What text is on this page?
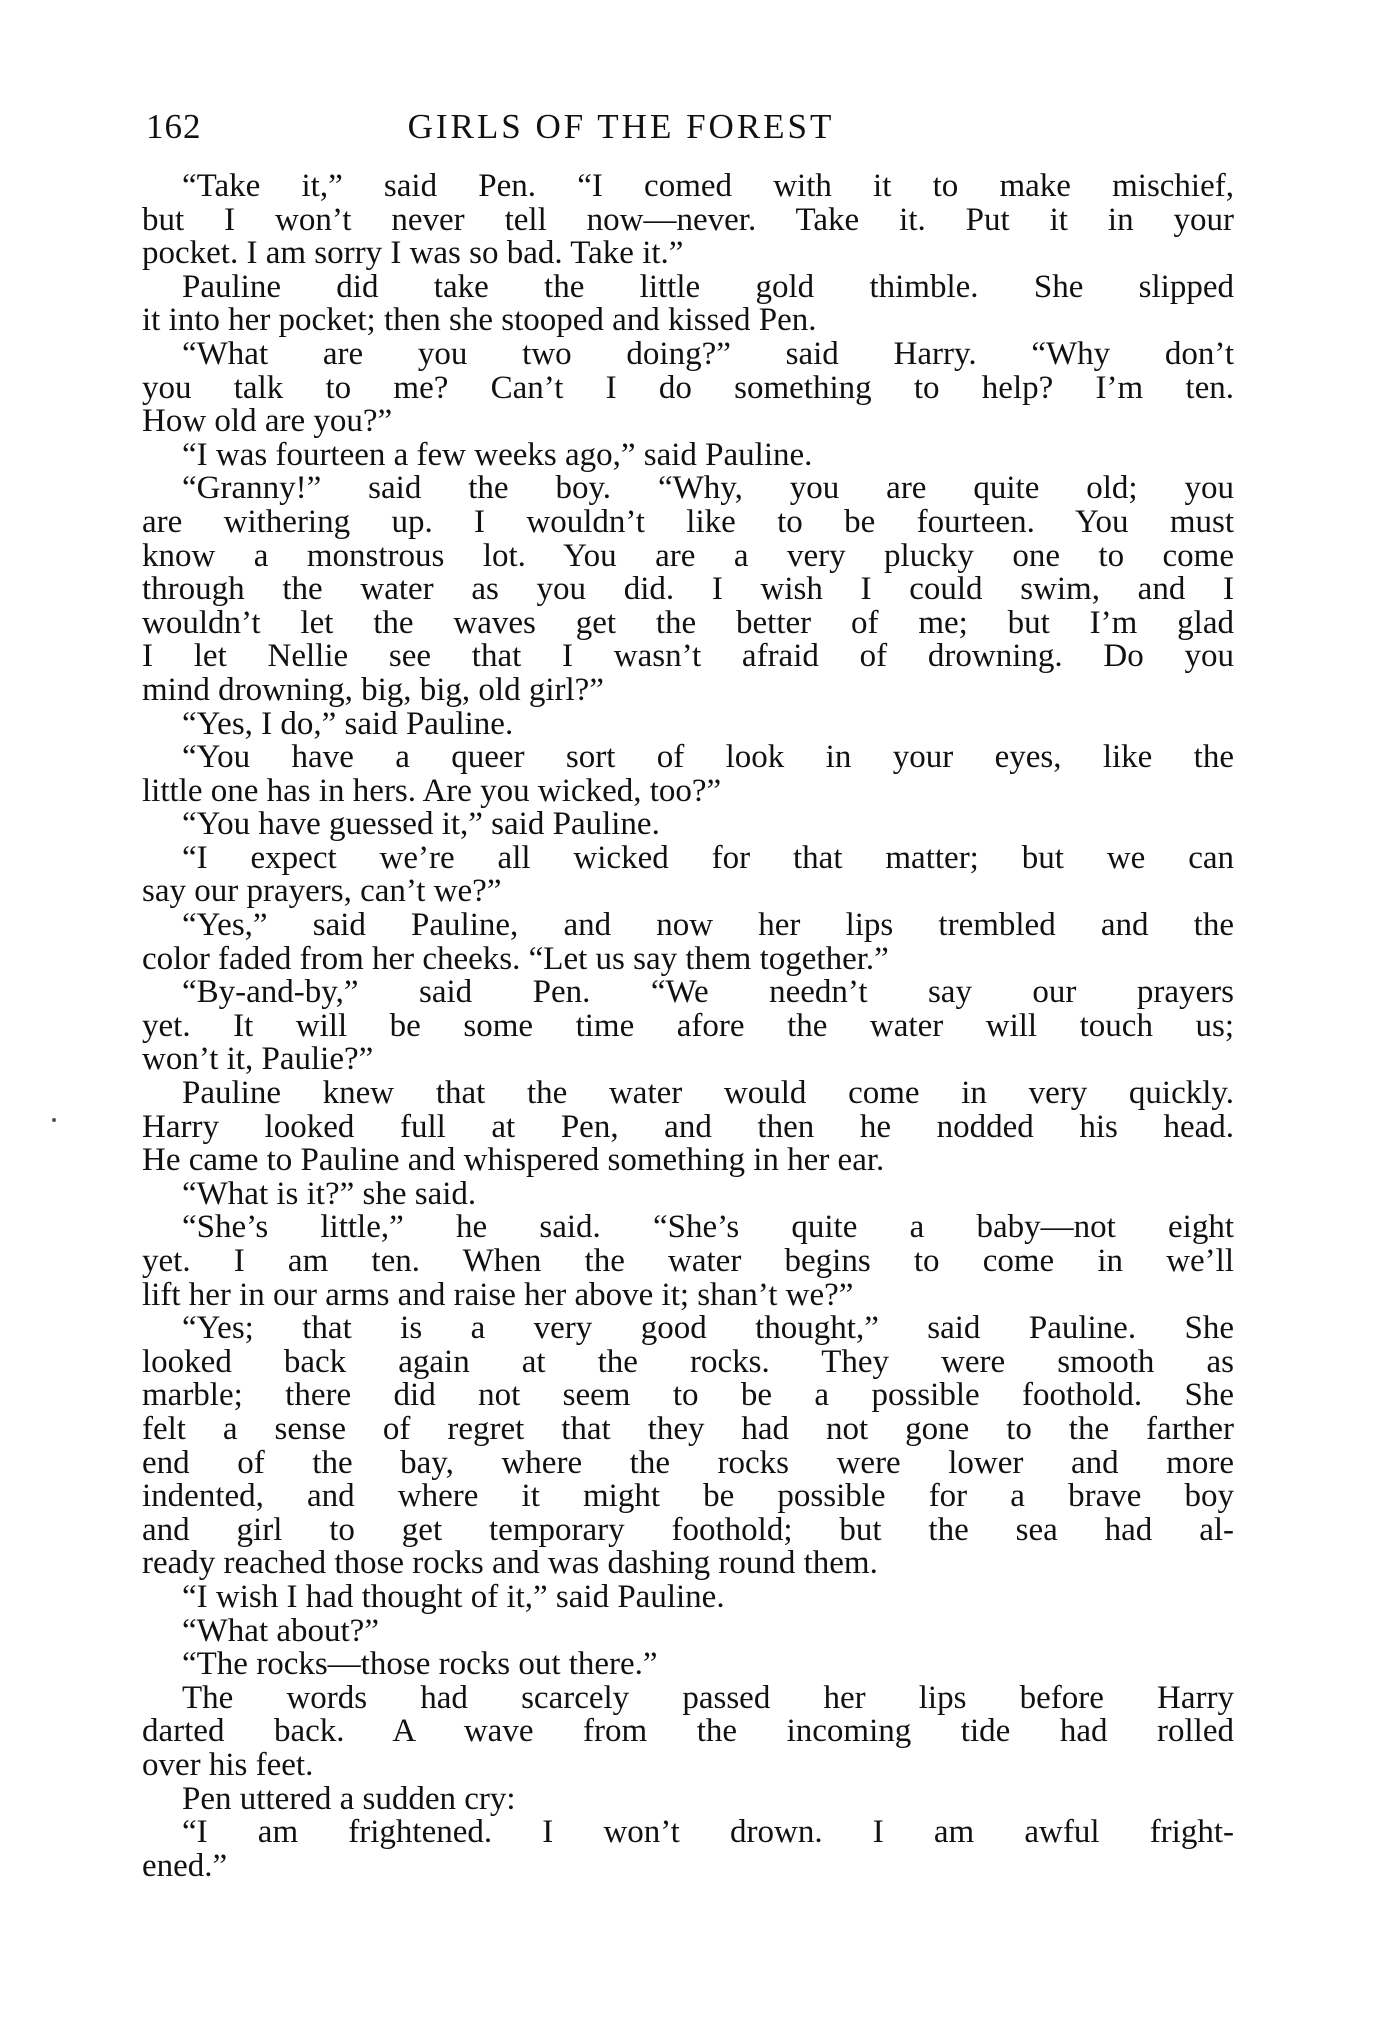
162	GIRLS OF THE FOREST
“Take it,” said Pen. “I comed with it to make mischief,
but I won’t never tell now—never. Take it. Put it in your
pocket. I am sorry I was so bad. Take it.”
Pauline did take the little gold thimble. She slipped
it into her pocket; then she stooped and kissed Pen.
“What are you two doing?” said Harry. “Why don’t
you talk to me? Can’t I do something to help? I’m ten.
How old are you?”
“I was fourteen a few weeks ago,” said Pauline.
“Granny!” said the boy. “Why, you are quite old; you
are withering up. I wouldn’t like to be fourteen. You must
know a monstrous lot. You are a very plucky one to come
through the water as you did. I wish I could swim, and I
wouldn’t let the waves get the better of me; but I’m glad
I let Nellie see that I wasn’t afraid of drowning. Do you
mind drowning, big, big, old girl?”
“Yes, I do,” said Pauline.
“You have a queer sort of look in your eyes, like the
little one has in hers. Are you wicked, too?”
“You have guessed it,” said Pauline.
“I expect we’re all wicked for that matter; but we can
say our prayers, can’t we?”
“Yes,” said Pauline, and now her lips trembled and the
color faded from her cheeks. “Let us say them together.”
“By-and-by,” said Pen. “We needn’t say our prayers
yet. It will be some time afore the water will touch us;
won’t it, Paulie?”
Pauline knew that the water would come in very quickly.
Harry looked full at Pen, and then he nodded his head.
He came to Pauline and whispered something in her ear.
“What is it?” she said.
“She’s little,” he said. “She’s quite a baby—not eight
yet. I am ten. When the water begins to come in we’ll
lift her in our arms and raise her above it; shan’t we?”
“Yes; that is a very good thought,” said Pauline. She
looked back again at the rocks. They were smooth as
marble; there did not seem to be a possible foothold. She
felt a sense of regret that they had not gone to the farther
end of the bay, where the rocks were lower and more
indented, and where it might be possible for a brave boy
and girl to get temporary foothold; but the sea had al-
ready reached those rocks and was dashing round them.
“I wish I had thought of it,” said Pauline.
“What about?”
“The rocks—those rocks out there.”
The words had scarcely passed her lips before Harry
darted back. A wave from the incoming tide had rolled
over his feet.
Pen uttered a sudden cry:
“I am frightened. I won’t drown. I am awful fright-
ened.”
